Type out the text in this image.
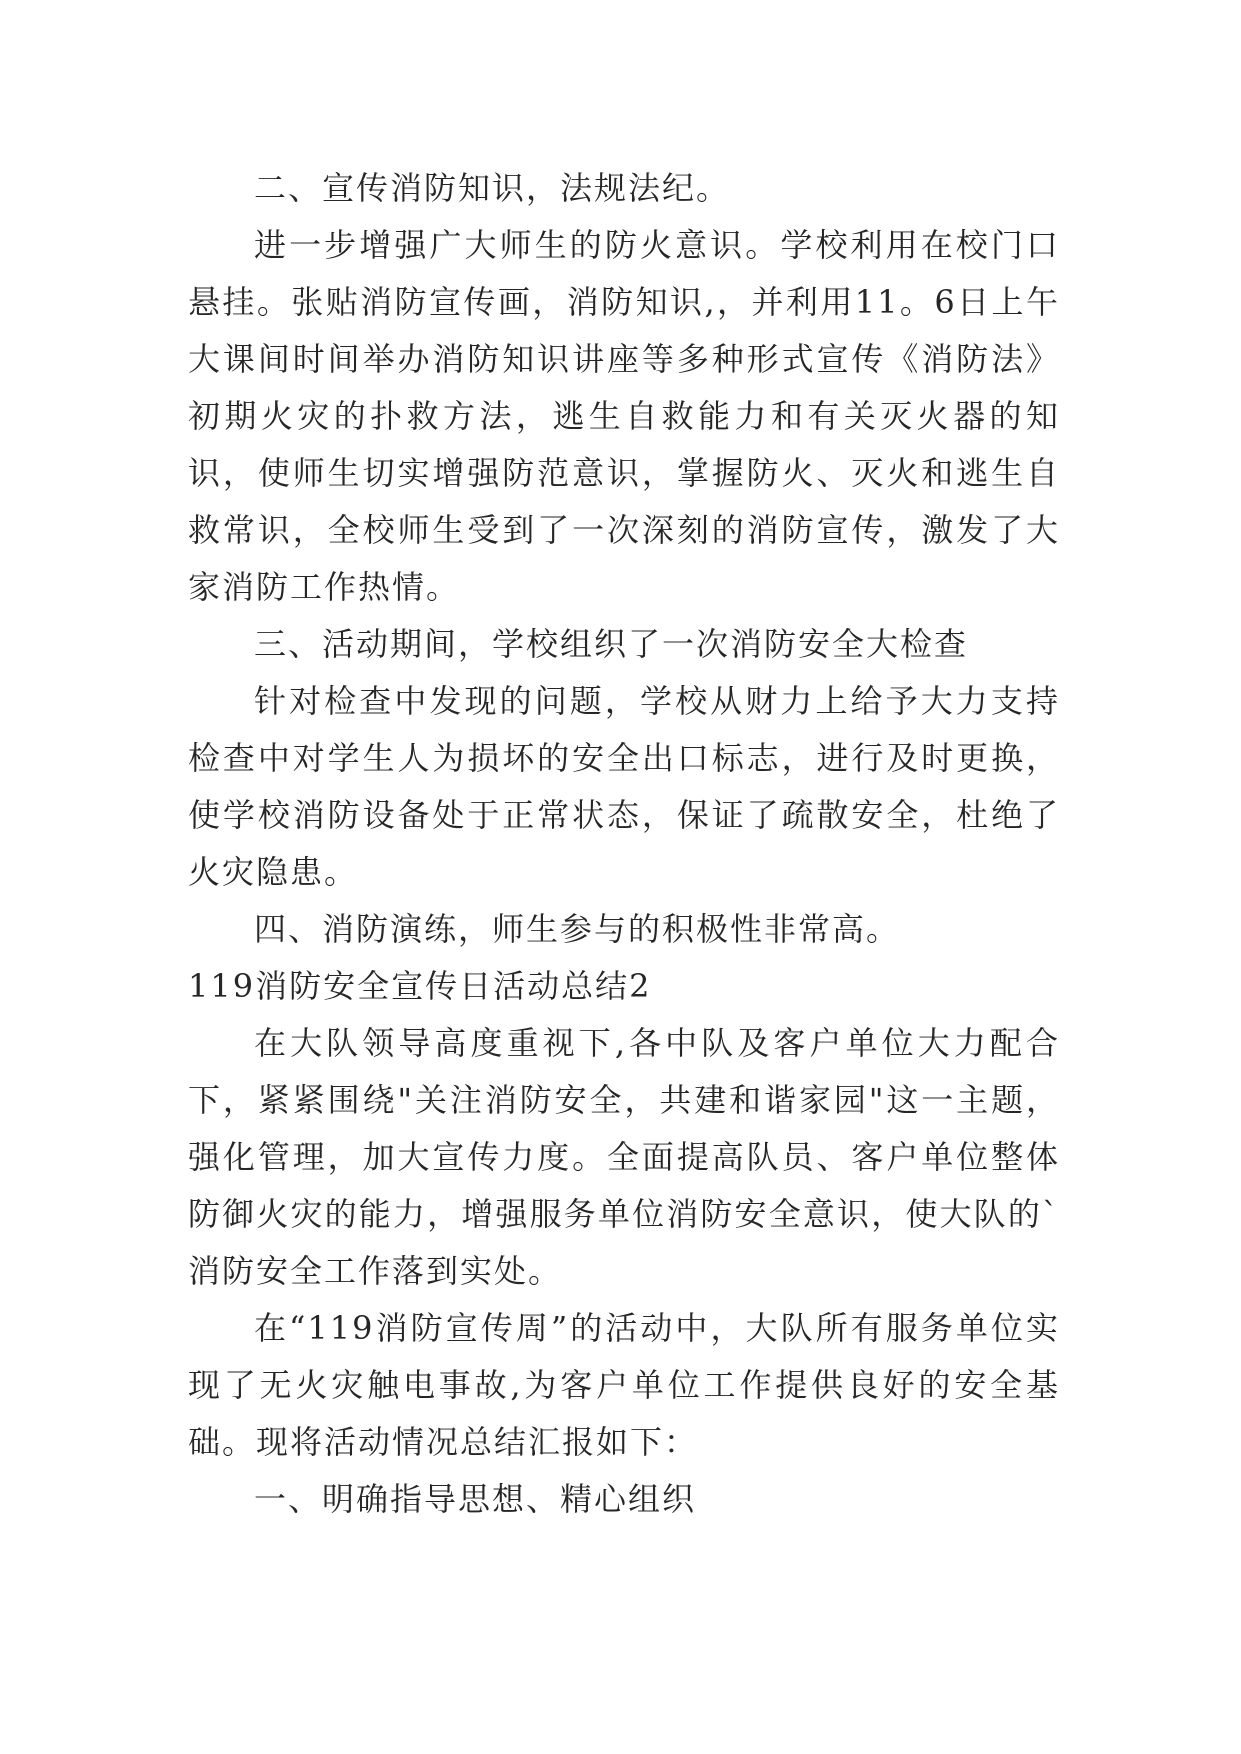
二、宣传消防知识，法规法纪。

进一步增强广大师生的防火意识。学校利用在校门口悬挂。张贴消防宣传画，消防知识,，并利用11。6日上午大课间时间举办消防知识讲座等多种形式宣传《消防法》初期火灾的扑救方法，逃生自救能力和有关灭火器的知识，使师生切实增强防范意识，掌握防火、灭火和逃生自救常识，全校师生受到了一次深刻的消防宣传，激发了大家消防工作热情。

三、活动期间，学校组织了一次消防安全大检查

针对检查中发现的问题，学校从财力上给予大力支持检查中对学生人为损坏的安全出口标志，进行及时更换，使学校消防设备处于正常状态，保证了疏散安全，杜绝了火灾隐患。

四、消防演练，师生参与的积极性非常高。

119消防安全宣传日活动总结2

在大队领导高度重视下,各中队及客户单位大力配合下，紧紧围绕"关注消防安全，共建和谐家园"这一主题，强化管理，加大宣传力度。全面提高队员、客户单位整体防御火灾的能力，增强服务单位消防安全意识，使大队的`消防安全工作落到实处。

在“119消防宣传周”的活动中，大队所有服务单位实现了无火灾触电事故,为客户单位工作提供良好的安全基础。现将活动情况总结汇报如下：

一、明确指导思想、精心组织
